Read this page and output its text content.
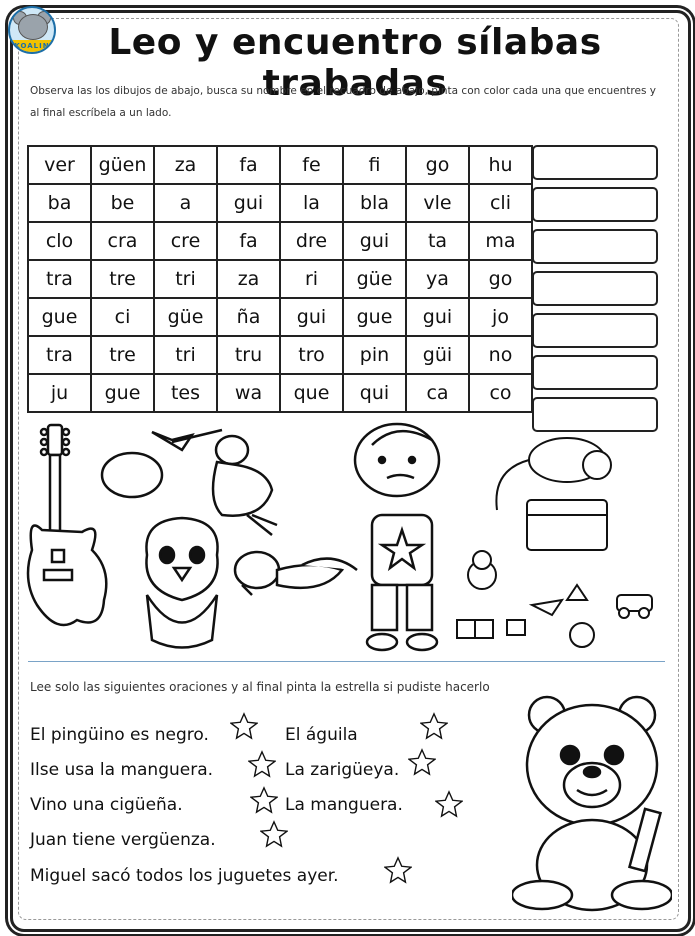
KOALIN	Leo y encuentro sílabas trabadas
Observa las los dibujos de abajo, busca su nombre en el recuadro de abajo, pinta con color cada una que encuentres y al final escríbela a un lado.
ver	güen	za	fa	fe	fi	go	hu
ba	be	a	gui	la	bla	vle	cli
clo	cra	cre	fa	dre	gui	ta	ma
tra	tre	tri	za	ri	güe	ya	go
gue	ci	güe	ña	gui	gue	gui	jo
tra	tre	tri	tru	tro	pin	güi	no
ju	gue	tes	wa	que	qui	ca	co
Lee solo las siguientes oraciones y al final pinta la estrella si pudiste hacerlo
El pingüino es negro.
Ilse usa la manguera.
Vino una cigüeña.
Juan tiene vergüenza.
Miguel sacó todos los juguetes ayer.
El águila
La zarigüeya.
La manguera.
